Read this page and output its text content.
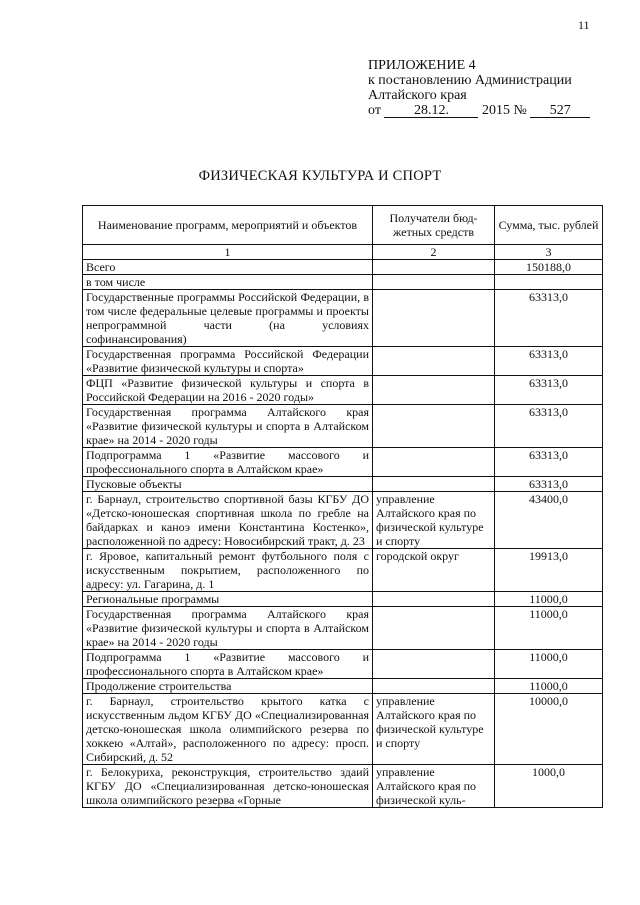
11
ПРИЛОЖЕНИЕ 4
к постановлению Администрации
Алтайского края
от 28.12. 2015 № 527
ФИЗИЧЕСКАЯ КУЛЬТУРА И СПОРТ
Наименование программ, мероприятий и объектов	Получатели бюд-жетных средств	Сумма, тыс. рублей
1	2	3
Всего		150188,0
в том числе		
Государственные программы Российской Федерации, в том числе федеральные целевые программы и проекты непрограммной части (на условиях софинансирования)		63313,0
Государственная программа Российской Федерации «Развитие физической культуры и спорта»		63313,0
ФЦП «Развитие физической культуры и спорта в Российской Федерации на 2016 - 2020 годы»		63313,0
Государственная программа Алтайского края «Развитие физической культуры и спорта в Алтайском крае» на 2014 - 2020 годы		63313,0
Подпрограмма 1 «Развитие массового и профессионального спорта в Алтайском крае»		63313,0
Пусковые объекты		63313,0
г. Барнаул, строительство спортивной базы КГБУ ДО «Детско-юношеская спортивная школа по гребле на байдарках и каноэ имени Константина Костенко», расположенной по адресу: Новосибирский тракт, д. 23	управление Алтайского края по физической культуре и спорту	43400,0
г. Яровое, капитальный ремонт футбольного поля с искусственным покрытием, расположенного по адресу: ул. Гагарина, д. 1	городской округ	19913,0
Региональные программы		11000,0
Государственная программа Алтайского края «Развитие физической культуры и спорта в Алтайском крае» на 2014 - 2020 годы		11000,0
Подпрограмма 1 «Развитие массового и профессионального спорта в Алтайском крае»		11000,0
Продолжение строительства		11000,0
г. Барнаул, строительство крытого катка с искусственным льдом КГБУ ДО «Специализированная детско-юношеская школа олимпийского резерва по хоккею «Алтай», расположенного по адресу: просп. Сибирский, д. 52	управление Алтайского края по физической культуре и спорту	10000,0
г. Белокуриха, реконструкция, строительство здаий КГБУ ДО «Специализированная детско-юношеская школа олимпийского резерва «Горные	управление Алтайского края по физической куль-	1000,0
